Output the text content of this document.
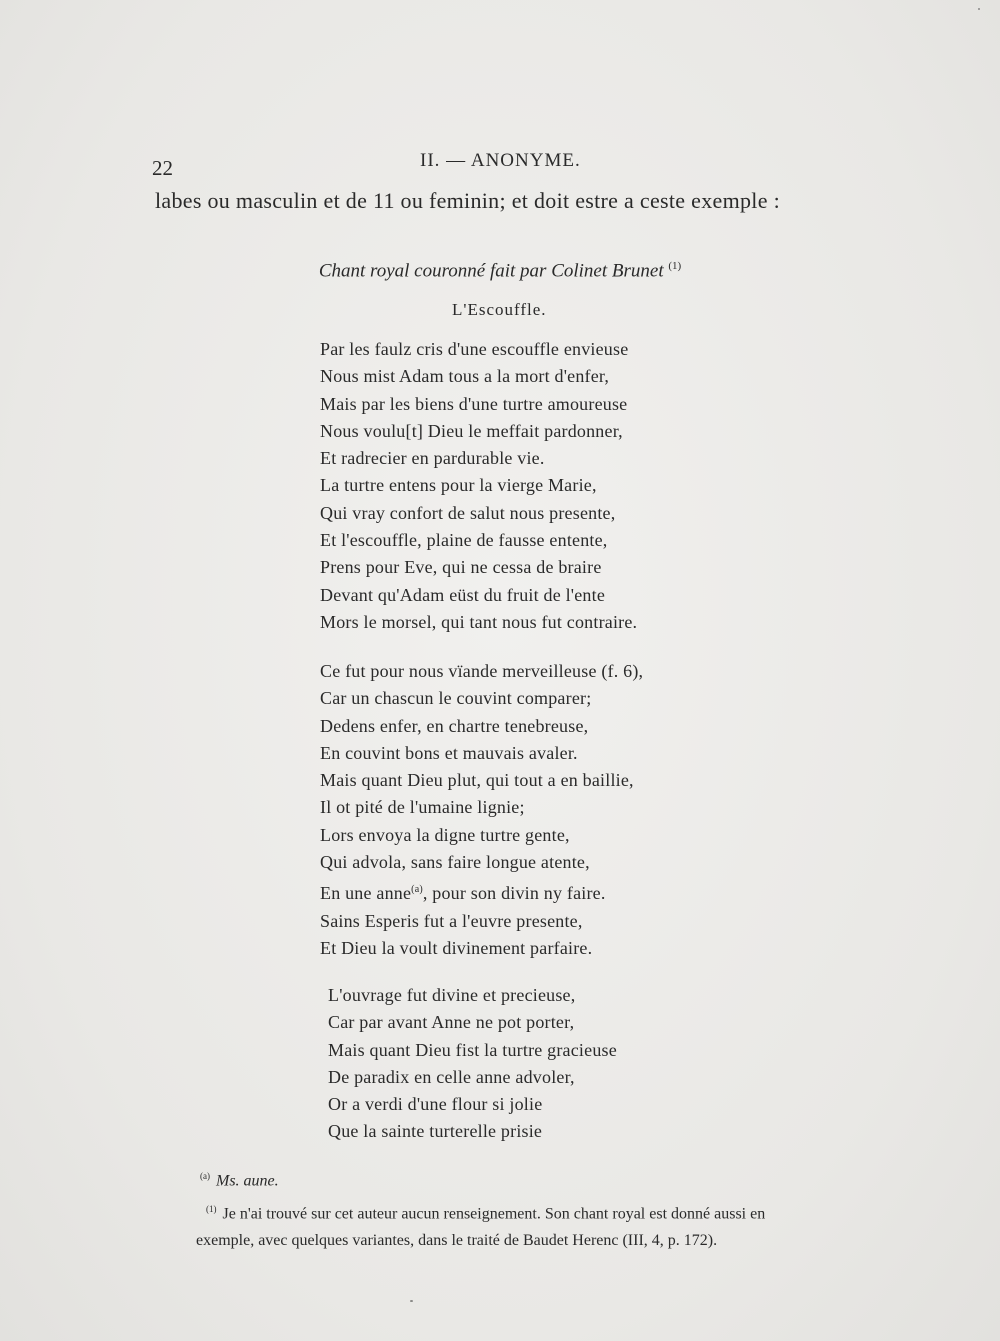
22	II. — ANONYME.
labes ou masculin et de 11 ou feminin; et doit estre a ceste exemple :
Chant royal couronné fait par Colinet Brunet $^{(1)}$
L'Escouffle.
Par les faulz cris d'une escouffle envieuse
Nous mist Adam tous a la mort d'enfer,
Mais par les biens d'une turtre amoureuse
Nous voulu[t] Dieu le meffait pardonner,
Et radrecier en pardurable vie.
La turtre entens pour la vierge Marie,
Qui vray confort de salut nous presente,
Et l'escouffle, plaine de fausse entente,
Prens pour Eve, qui ne cessa de braire
Devant qu'Adam eüst du fruit de l'ente
Mors le morsel, qui tant nous fut contraire.
Ce fut pour nous vïande merveilleuse (f. 6),
Car un chascun le couvint comparer;
Dedens enfer, en chartre tenebreuse,
En couvint bons et mauvais avaler.
Mais quant Dieu plut, qui tout a en baillie,
Il ot pité de l'umaine lignie;
Lors envoya la digne turtre gente,
Qui advola, sans faire longue atente,
En une anne$^{(a)}$, pour son divin ny faire.
Sains Esperis fut a l'euvre presente,
Et Dieu la voult divinement parfaire.
L'ouvrage fut divine et precieuse,
Car par avant Anne ne pot porter,
Mais quant Dieu fist la turtre gracieuse
De paradix en celle anne advoler,
Or a verdi d'une flour si jolie
Que la sainte turterelle prisie
$^{(a)}$ Ms. aune.
$^{(1)}$ Je n'ai trouvé sur cet auteur aucun renseignement. Son chant royal est donné aussi en
exemple, avec quelques variantes, dans le traité de Baudet Herenc (III, 4, p. 172).
